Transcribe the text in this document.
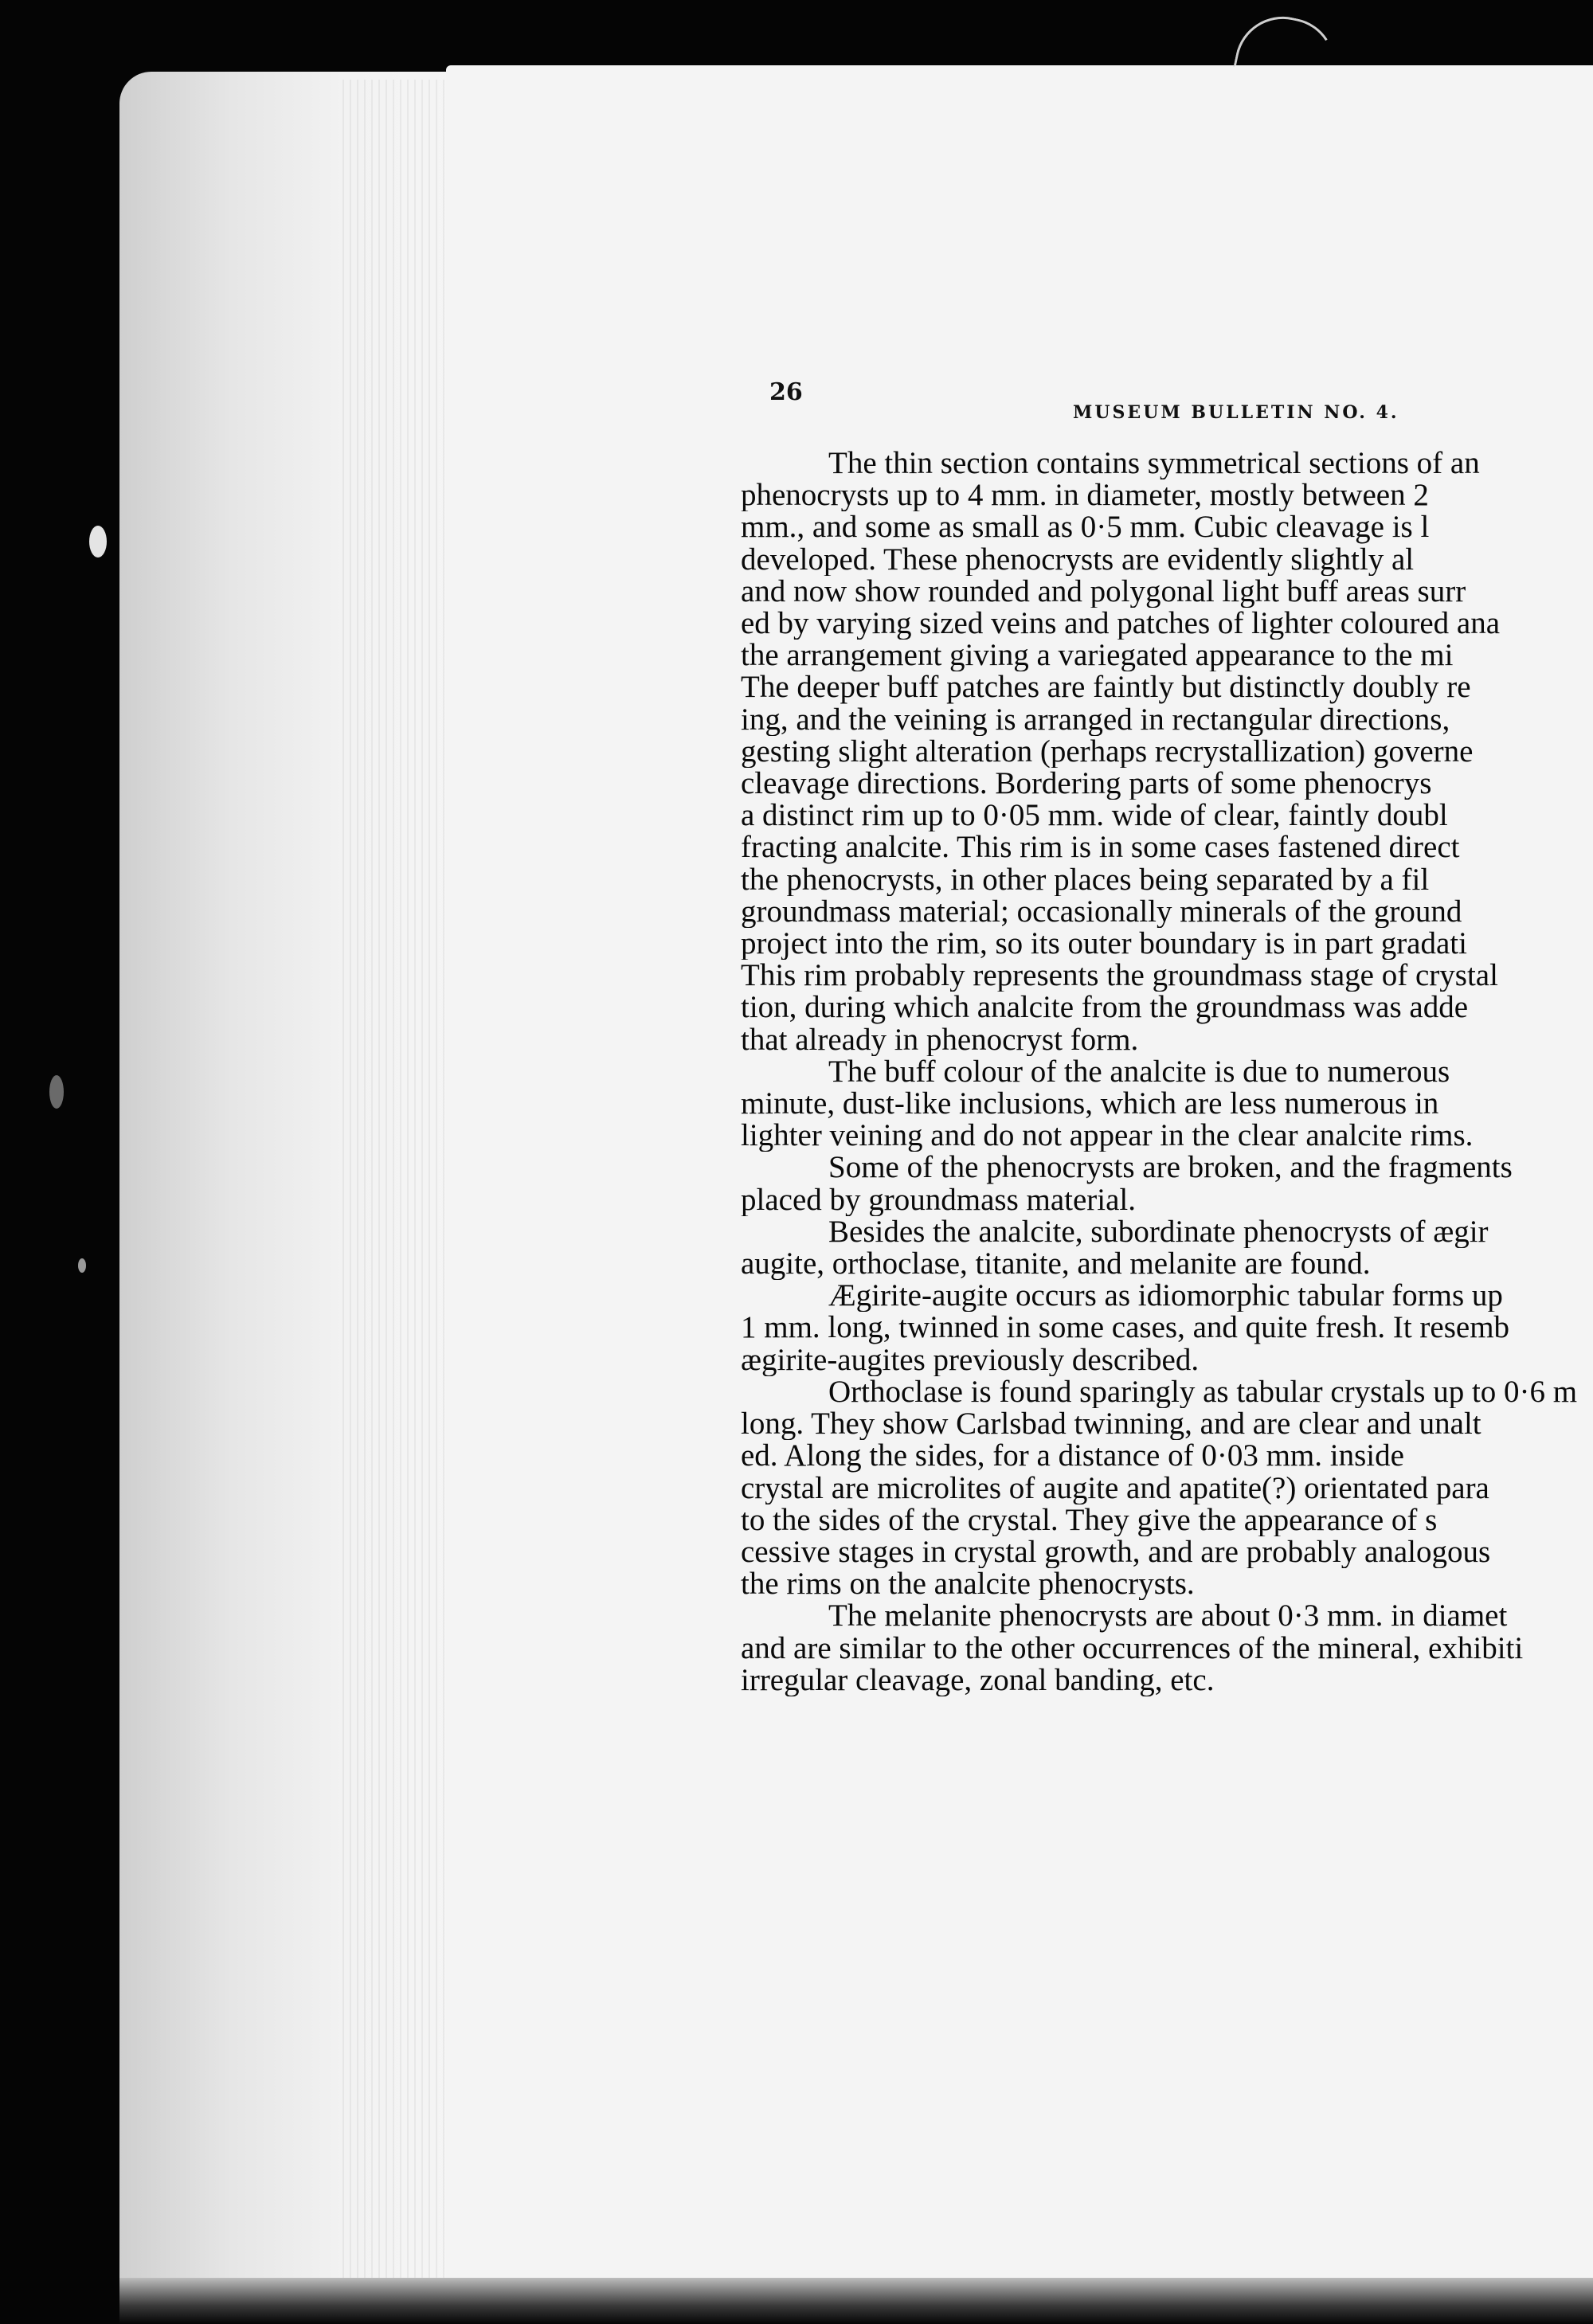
26
MUSEUM BULLETIN NO. 4.
The thin section contains symmetrical sections of an
phenocrysts up to 4 mm. in diameter, mostly between 2
mm., and some as small as 0·5 mm. Cubic cleavage is l
developed. These phenocrysts are evidently slightly al
and now show rounded and polygonal light buff areas surr
ed by varying sized veins and patches of lighter coloured ana
the arrangement giving a variegated appearance to the mi
The deeper buff patches are faintly but distinctly doubly re
ing, and the veining is arranged in rectangular directions,
gesting slight alteration (perhaps recrystallization) governe
cleavage directions. Bordering parts of some phenocrys
a distinct rim up to 0·05 mm. wide of clear, faintly doubl
fracting analcite. This rim is in some cases fastened direct
the phenocrysts, in other places being separated by a fil
groundmass material; occasionally minerals of the ground
project into the rim, so its outer boundary is in part gradati
This rim probably represents the groundmass stage of crystal
tion, during which analcite from the groundmass was adde
that already in phenocryst form.
The buff colour of the analcite is due to numerous
minute, dust-like inclusions, which are less numerous in
lighter veining and do not appear in the clear analcite rims.
Some of the phenocrysts are broken, and the fragments
placed by groundmass material.
Besides the analcite, subordinate phenocrysts of ægir
augite, orthoclase, titanite, and melanite are found.
Ægirite-augite occurs as idiomorphic tabular forms up
1 mm. long, twinned in some cases, and quite fresh. It resemb
ægirite-augites previously described.
Orthoclase is found sparingly as tabular crystals up to 0·6 m
long. They show Carlsbad twinning, and are clear and unalt
ed. Along the sides, for a distance of 0·03 mm. inside
crystal are microlites of augite and apatite(?) orientated para
to the sides of the crystal. They give the appearance of s
cessive stages in crystal growth, and are probably analogous
the rims on the analcite phenocrysts.
The melanite phenocrysts are about 0·3 mm. in diamet
and are similar to the other occurrences of the mineral, exhibiti
irregular cleavage, zonal banding, etc.
